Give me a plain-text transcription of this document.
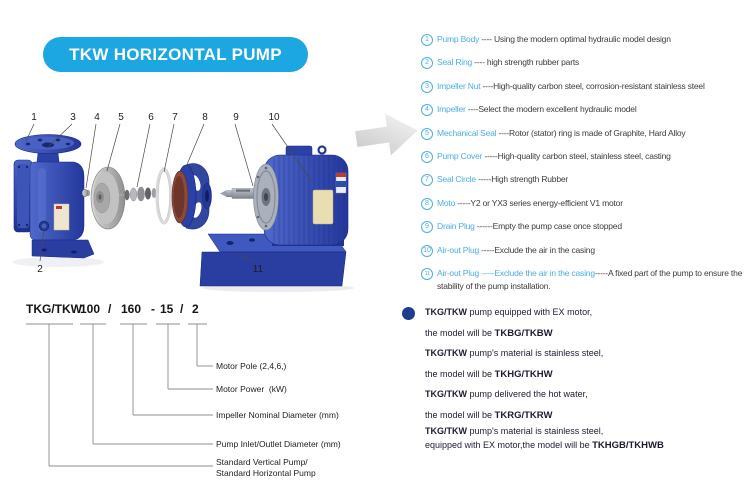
TKW HORIZONTAL PUMP
1	3 4 5 6 7 8	9	10
2	11
1 Pump Body ---- Using the modern optimal hydraulic model design
2 Seal Ring ---- high strength rubber parts
3 Impeller Nut ----High-quality carbon steel, corrosion-resistant stainless steel
4 Impeller ----Select the modern excellent hydraulic model
5 Mechanical Seal ----Rotor (stator) ring is made of Graphite, Hard Alloy
6 Pump Cover -----High-quality carbon steel, stainless steel, casting
7 Seal Circle -----High strength Rubber
8 Moto -----Y2 or YX3 series energy-efficient V1 motor
9 Drain Plug ------Empty the pump case once stopped
10 Air-out Plug -----Exclude the air in the casing
11 Air-out Plug -----Exclude the air in the casing-----A fixed part of the pump to ensure the stability of the pump installation.
TKG/TKW
100 / 160 - 15 / 2
Motor Pole (2,4,6,)
Motor Power  (kW)
Impeller Nominal Diameter (mm)
Pump Inlet/Outlet Diameter (mm)
Standard Vertical Pump/
Standard Horizontal Pump
TKG/TKW pump equipped with EX motor,
the model will be TKBG/TKBW
TKG/TKW pump's material is stainless steel,
the model will be TKHG/TKHW
TKG/TKW pump delivered the hot water,
the model will be TKRG/TKRW
TKG/TKW pump's material is stainless steel,
equipped with EX motor,the model will be TKHGB/TKHWB
